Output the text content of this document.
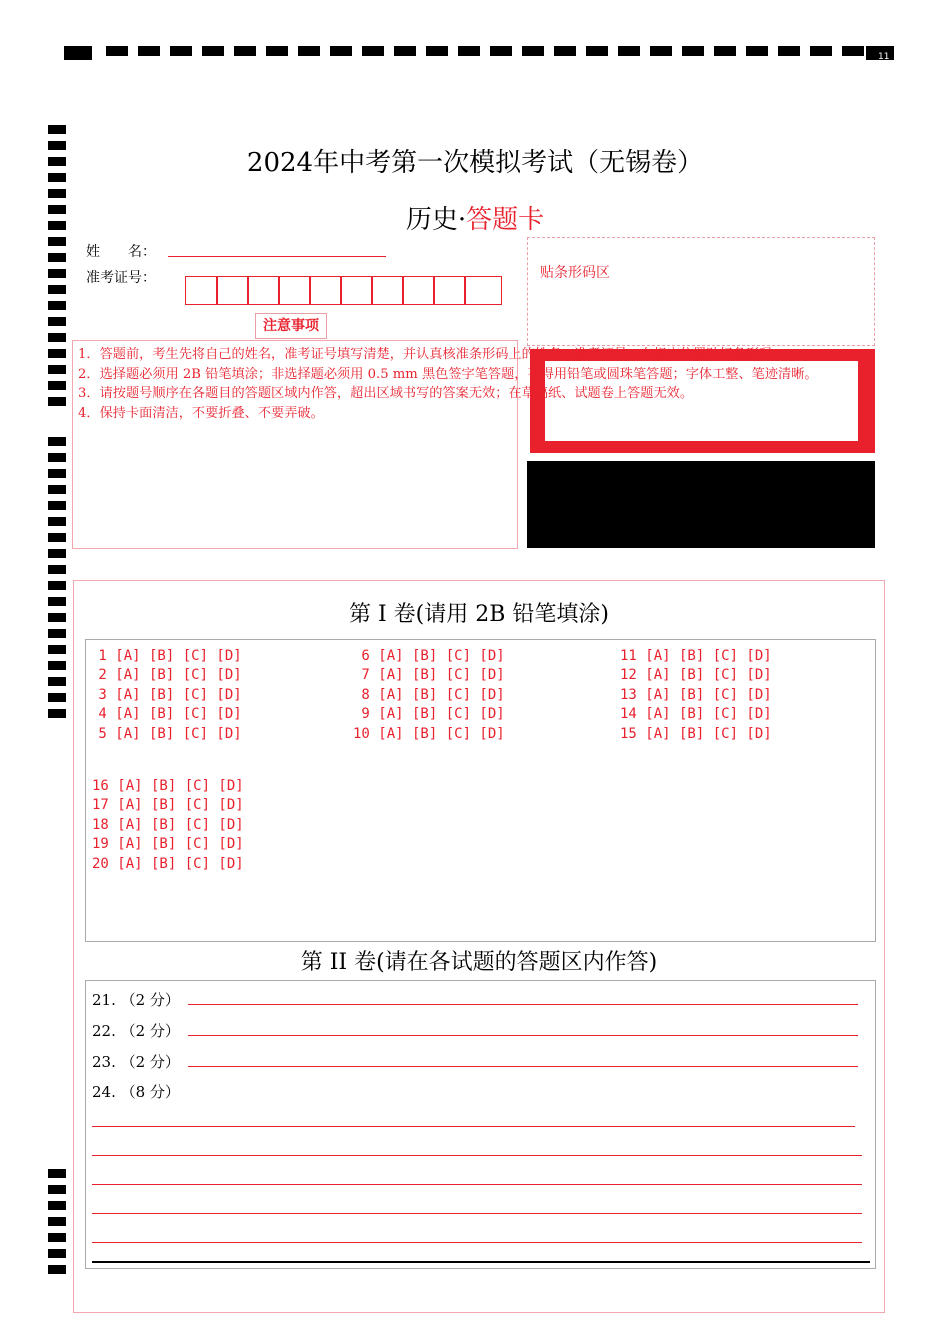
11
2024年中考第一次模拟考试（无锡卷）
历史·答题卡
姓　　名：
准考证号：	贴条形码区
注意事项
1．答题前，考生先将自己的姓名，准考证号填写清楚，并认真核准条形码上的姓名、准考证号，在规定位置贴好条形码。
2．选择题必须用 2B 铅笔填涂；非选择题必须用 0.5 mm 黑色签字笔答题，不得用铅笔或圆珠笔答题；字体工整、笔迹清晰。
3．请按题号顺序在各题目的答题区域内作答，超出区域书写的答案无效；在草稿纸、试题卷上答题无效。
4．保持卡面清洁，不要折叠、不要弄破。
第 I 卷(请用 2B 铅笔填涂)
1 [A] [B] [C] [D]
2 [A] [B] [C] [D]
3 [A] [B] [C] [D]
4 [A] [B] [C] [D]
5 [A] [B] [C] [D]
6 [A] [B] [C] [D]
7 [A] [B] [C] [D]
8 [A] [B] [C] [D]
9 [A] [B] [C] [D]
10 [A] [B] [C] [D]
11 [A] [B] [C] [D]
12 [A] [B] [C] [D]
13 [A] [B] [C] [D]
14 [A] [B] [C] [D]
15 [A] [B] [C] [D]
16 [A] [B] [C] [D]
17 [A] [B] [C] [D]
18 [A] [B] [C] [D]
19 [A] [B] [C] [D]
20 [A] [B] [C] [D]
第 II 卷(请在各试题的答题区内作答)
21. （2 分）
22. （2 分）
23. （2 分）
24. （8 分）
